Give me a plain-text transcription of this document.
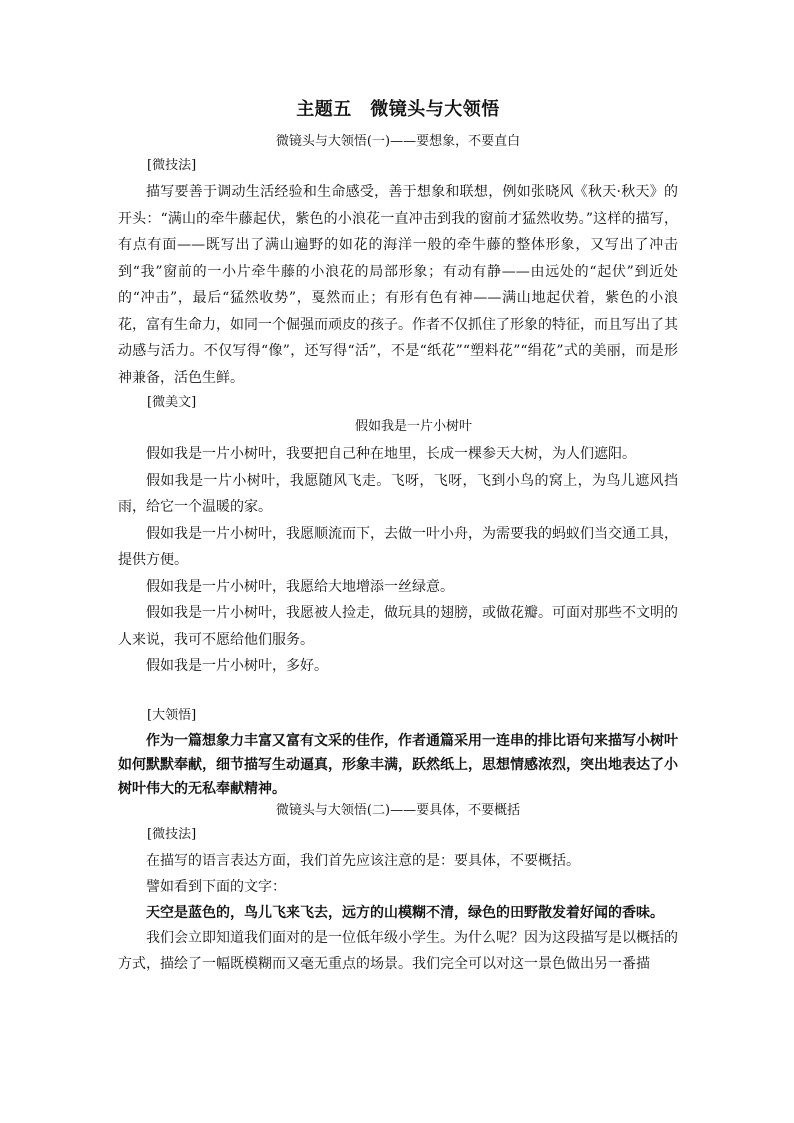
主题五　微镜头与大领悟
微镜头与大领悟(一)——要想象，不要直白
[微技法]

描写要善于调动生活经验和生命感受，善于想象和联想，例如张晓风《秋天·秋天》的开头：“满山的牵牛藤起伏，紫色的小浪花一直冲击到我的窗前才猛然收势。”这样的描写，有点有面——既写出了满山遍野的如花的海洋一般的牵牛藤的整体形象，又写出了冲击到“我”窗前的一小片牵牛藤的小浪花的局部形象；有动有静——由远处的“起伏”到近处的“冲击”，最后“猛然收势”，戛然而止；有形有色有神——满山地起伏着，紫色的小浪花，富有生命力，如同一个倔强而顽皮的孩子。作者不仅抓住了形象的特征，而且写出了其动感与活力。不仅写得“像”，还写得“活”，不是“纸花”“塑料花”“绢花”式的美丽，而是形神兼备，活色生鲜。

[微美文]
假如我是一片小树叶

假如我是一片小树叶，我要把自己种在地里，长成一棵参天大树，为人们遮阳。

假如我是一片小树叶，我愿随风飞走。飞呀，飞呀，飞到小鸟的窝上，为鸟儿遮风挡雨，给它一个温暖的家。

假如我是一片小树叶，我愿顺流而下，去做一叶小舟，为需要我的蚂蚁们当交通工具，提供方便。

假如我是一片小树叶，我愿给大地增添一丝绿意。

假如我是一片小树叶，我愿被人捡走，做玩具的翅膀，或做花瓣。可面对那些不文明的人来说，我可不愿给他们服务。

假如我是一片小树叶，多好。

[大领悟]

作为一篇想象力丰富又富有文采的佳作，作者通篇采用一连串的排比语句来描写小树叶如何默默奉献，细节描写生动逼真，形象丰满，跃然纸上，思想情感浓烈，突出地表达了小树叶伟大的无私奉献精神。

微镜头与大领悟(二)——要具体，不要概括
[微技法]

在描写的语言表达方面，我们首先应该注意的是：要具体，不要概括。

譬如看到下面的文字：

天空是蓝色的，鸟儿飞来飞去，远方的山模糊不清，绿色的田野散发着好闻的香味。

我们会立即知道我们面对的是一位低年级小学生。为什么呢？因为这段描写是以概括的方式，描绘了一幅既模糊而又毫无重点的场景。我们完全可以对这一景色做出另一番描
